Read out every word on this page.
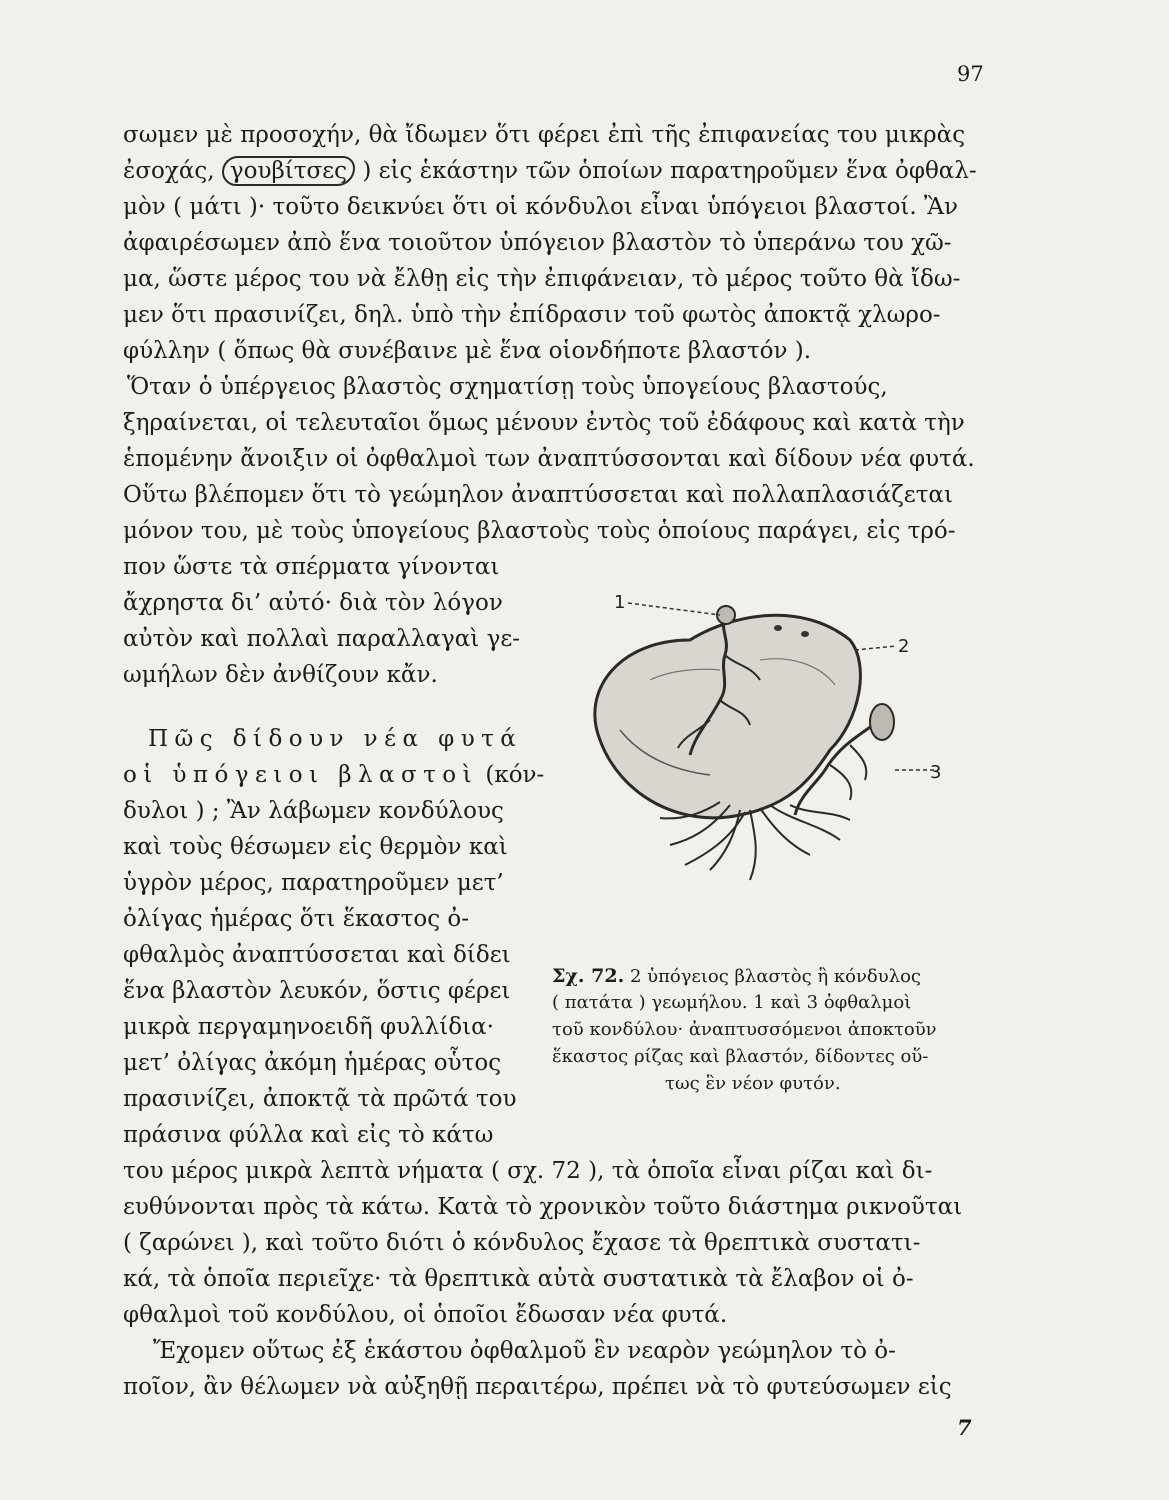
97
σωμεν μὲ προσοχήν, θὰ ἴδωμεν ὅτι φέρει ἐπὶ τῆς ἐπιφανείας του μικρὰς
ἐσοχάς, γουβίτσες ) εἰς ἑκάστην τῶν ὁποίων παρατηροῦμεν ἕνα ὀφθαλ-
μὸν ( μάτι )· τοῦτο δεικνύει ὅτι οἱ κόνδυλοι εἶναι ὑπόγειοι βλαστοί. Ἂν
ἀφαιρέσωμεν ἀπὸ ἕνα τοιοῦτον ὑπόγειον βλαστὸν τὸ ὑπεράνω του χῶ-
μα, ὥστε μέρος του νὰ ἔλθῃ εἰς τὴν ἐπιφάνειαν, τὸ μέρος τοῦτο θὰ ἴδω-
μεν ὅτι πρασινίζει, δηλ. ὑπὸ τὴν ἐπίδρασιν τοῦ φωτὸς ἀποκτᾷ χλωρο-
φύλλην ( ὅπως θὰ συνέβαινε μὲ ἕνα οἱονδήποτε βλαστόν ).
Ὅταν ὁ ὑπέργειος βλαστὸς σχηματίσῃ τοὺς ὑπογείους βλαστούς,
ξηραίνεται, οἱ τελευταῖοι ὅμως μένουν ἐντὸς τοῦ ἐδάφους καὶ κατὰ τὴν
ἑπομένην ἄνοιξιν οἱ ὀφθαλμοὶ των ἀναπτύσσονται καὶ δίδουν νέα φυτά.
Οὕτω βλέπομεν ὅτι τὸ γεώμηλον ἀναπτύσσεται καὶ πολλαπλασιάζεται
μόνον του, μὲ τοὺς ὑπογείους βλαστοὺς τοὺς ὁποίους παράγει, εἰς τρό-
πον ὥστε τὰ σπέρματα γίνονται
ἄχρηστα δι’ αὐτό· διὰ τὸν λόγον
αὐτὸν καὶ πολλαὶ παραλλαγαὶ γε-
ωμήλων δὲν ἀνθίζουν κἄν.
Πῶς δίδουν νέα φυτά
οἱ ὑπόγειοι βλαστοὶ (κόν-
δυλοι ) ; Ἂν λάβωμεν κονδύλους
καὶ τοὺς θέσωμεν εἰς θερμὸν καὶ
ὑγρὸν μέρος, παρατηροῦμεν μετ’
ὀλίγας ἡμέρας ὅτι ἕκαστος ὀ-
φθαλμὸς ἀναπτύσσεται καὶ δίδει
ἕνα βλαστὸν λευκόν, ὅστις φέρει
μικρὰ περγαμηνοειδῆ φυλλίδια·
μετ’ ὀλίγας ἀκόμη ἡμέρας οὗτος
πρασινίζει, ἀποκτᾷ τὰ πρῶτά του
πράσινα φύλλα καὶ εἰς τὸ κάτω
1
2
3
Σχ. 72. 2 ὑπόγειος βλαστὸς ἢ κόνδυλος
( πατάτα ) γεωμήλου. 1 καὶ 3 ὀφθαλμοὶ
τοῦ κονδύλου· ἀναπτυσσόμενοι ἀποκτοῦν
ἕκαστος ρίζας καὶ βλαστόν, δίδοντες οὕ-
τως ἓν νέον φυτόν.
του μέρος μικρὰ λεπτὰ νήματα ( σχ. 72 ), τὰ ὁποῖα εἶναι ρίζαι καὶ δι-
ευθύνονται πρὸς τὰ κάτω. Κατὰ τὸ χρονικὸν τοῦτο διάστημα ρικνοῦται
( ζαρώνει ), καὶ τοῦτο διότι ὁ κόνδυλος ἔχασε τὰ θρεπτικὰ συστατι-
κά, τὰ ὁποῖα περιεῖχε· τὰ θρεπτικὰ αὐτὰ συστατικὰ τὰ ἔλαβον οἱ ὀ-
φθαλμοὶ τοῦ κονδύλου, οἱ ὁποῖοι ἔδωσαν νέα φυτά.
Ἔχομεν οὕτως ἐξ ἑκάστου ὀφθαλμοῦ ἓν νεαρὸν γεώμηλον τὸ ὀ-
ποῖον, ἂν θέλωμεν νὰ αὐξηθῇ περαιτέρω, πρέπει νὰ τὸ φυτεύσωμεν εἰς
7
